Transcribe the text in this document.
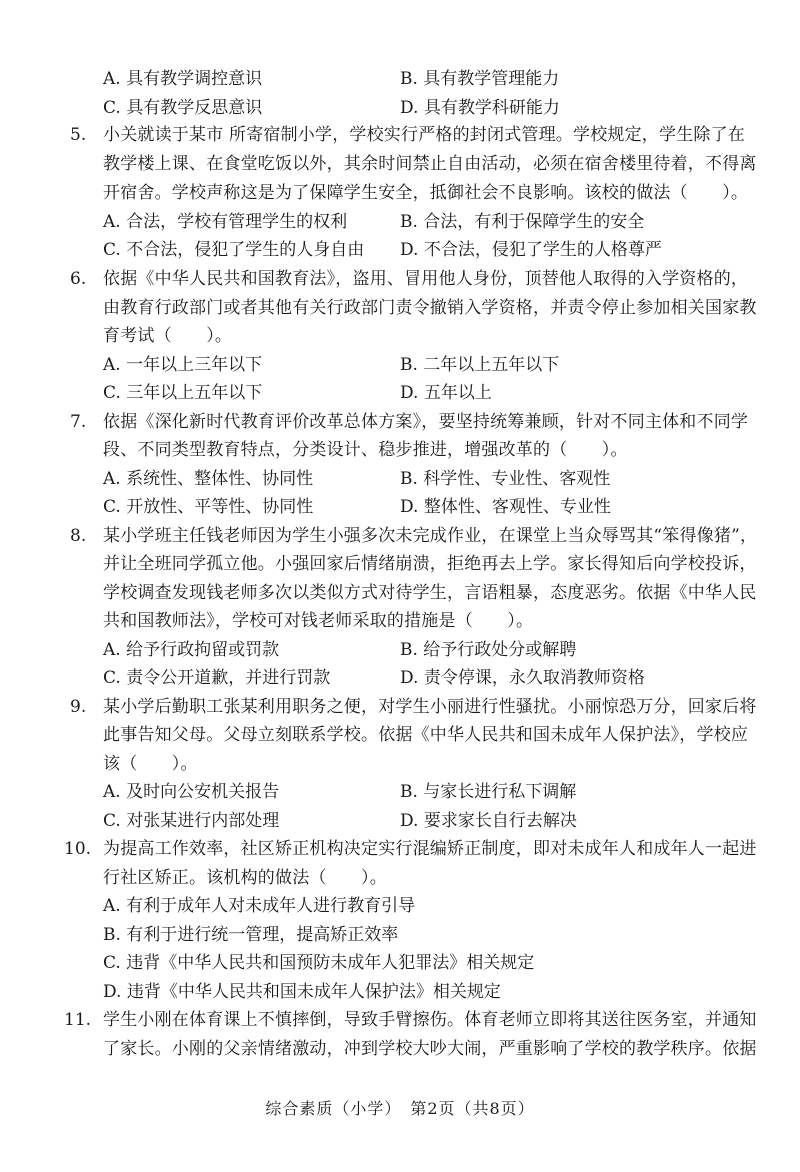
A. 具有教学调控意识	B. 具有教学管理能力
C. 具有教学反思意识	D. 具有教学科研能力
5. 小关就读于某市 所寄宿制小学，学校实行严格的封闭式管理。学校规定，学生除了在
教学楼上课、在食堂吃饭以外，其余时间禁止自由活动，必须在宿舍楼里待着，不得离
开宿舍。学校声称这是为了保障学生安全，抵御社会不良影响。该校的做法（　　）。
A. 合法，学校有管理学生的权利	B. 合法，有利于保障学生的安全
C. 不合法，侵犯了学生的人身自由 D. 不合法，侵犯了学生的人格尊严
6. 依据《中华人民共和国教育法》，盗用、冒用他人身份，顶替他人取得的入学资格的，
由教育行政部门或者其他有关行政部门责令撤销入学资格，并责令停止参加相关国家教
育考试（　　）。
A. 一年以上三年以下	B. 二年以上五年以下
C. 三年以上五年以下	D. 五年以上
7. 依据《深化新时代教育评价改革总体方案》，要坚持统筹兼顾，针对不同主体和不同学
段、不同类型教育特点，分类设计、稳步推进，增强改革的（　　）。
A. 系统性、整体性、协同性	B. 科学性、专业性、客观性
C. 开放性、平等性、协同性	D. 整体性、客观性、专业性
8. 某小学班主任钱老师因为学生小强多次未完成作业，在课堂上当众辱骂其“笨得像猪”，
并让全班同学孤立他。小强回家后情绪崩溃，拒绝再去上学。家长得知后向学校投诉，
学校调查发现钱老师多次以类似方式对待学生，言语粗暴，态度恶劣。依据《中华人民
共和国教师法》，学校可对钱老师采取的措施是（　　）。
A. 给予行政拘留或罚款	B. 给予行政处分或解聘
C. 责令公开道歉，并进行罚款	D. 责令停课，永久取消教师资格
9. 某小学后勤职工张某利用职务之便，对学生小丽进行性骚扰。小丽惊恐万分，回家后将
此事告知父母。父母立刻联系学校。依据《中华人民共和国未成年人保护法》，学校应
该（　　）。
A. 及时向公安机关报告	B. 与家长进行私下调解
C. 对张某进行内部处理	D. 要求家长自行去解决
10. 为提高工作效率，社区矫正机构决定实行混编矫正制度，即对未成年人和成年人一起进
行社区矫正。该机构的做法（　　）。
A. 有利于成年人对未成年人进行教育引导
B. 有利于进行统一管理，提高矫正效率
C. 违背《中华人民共和国预防未成年人犯罪法》相关规定
D. 违背《中华人民共和国未成年人保护法》相关规定
11. 学生小刚在体育课上不慎摔倒，导致手臂擦伤。体育老师立即将其送往医务室，并通知
了家长。小刚的父亲情绪激动，冲到学校大吵大闹，严重影响了学校的教学秩序。依据
综合素质（小学）　第2页（共8页）
